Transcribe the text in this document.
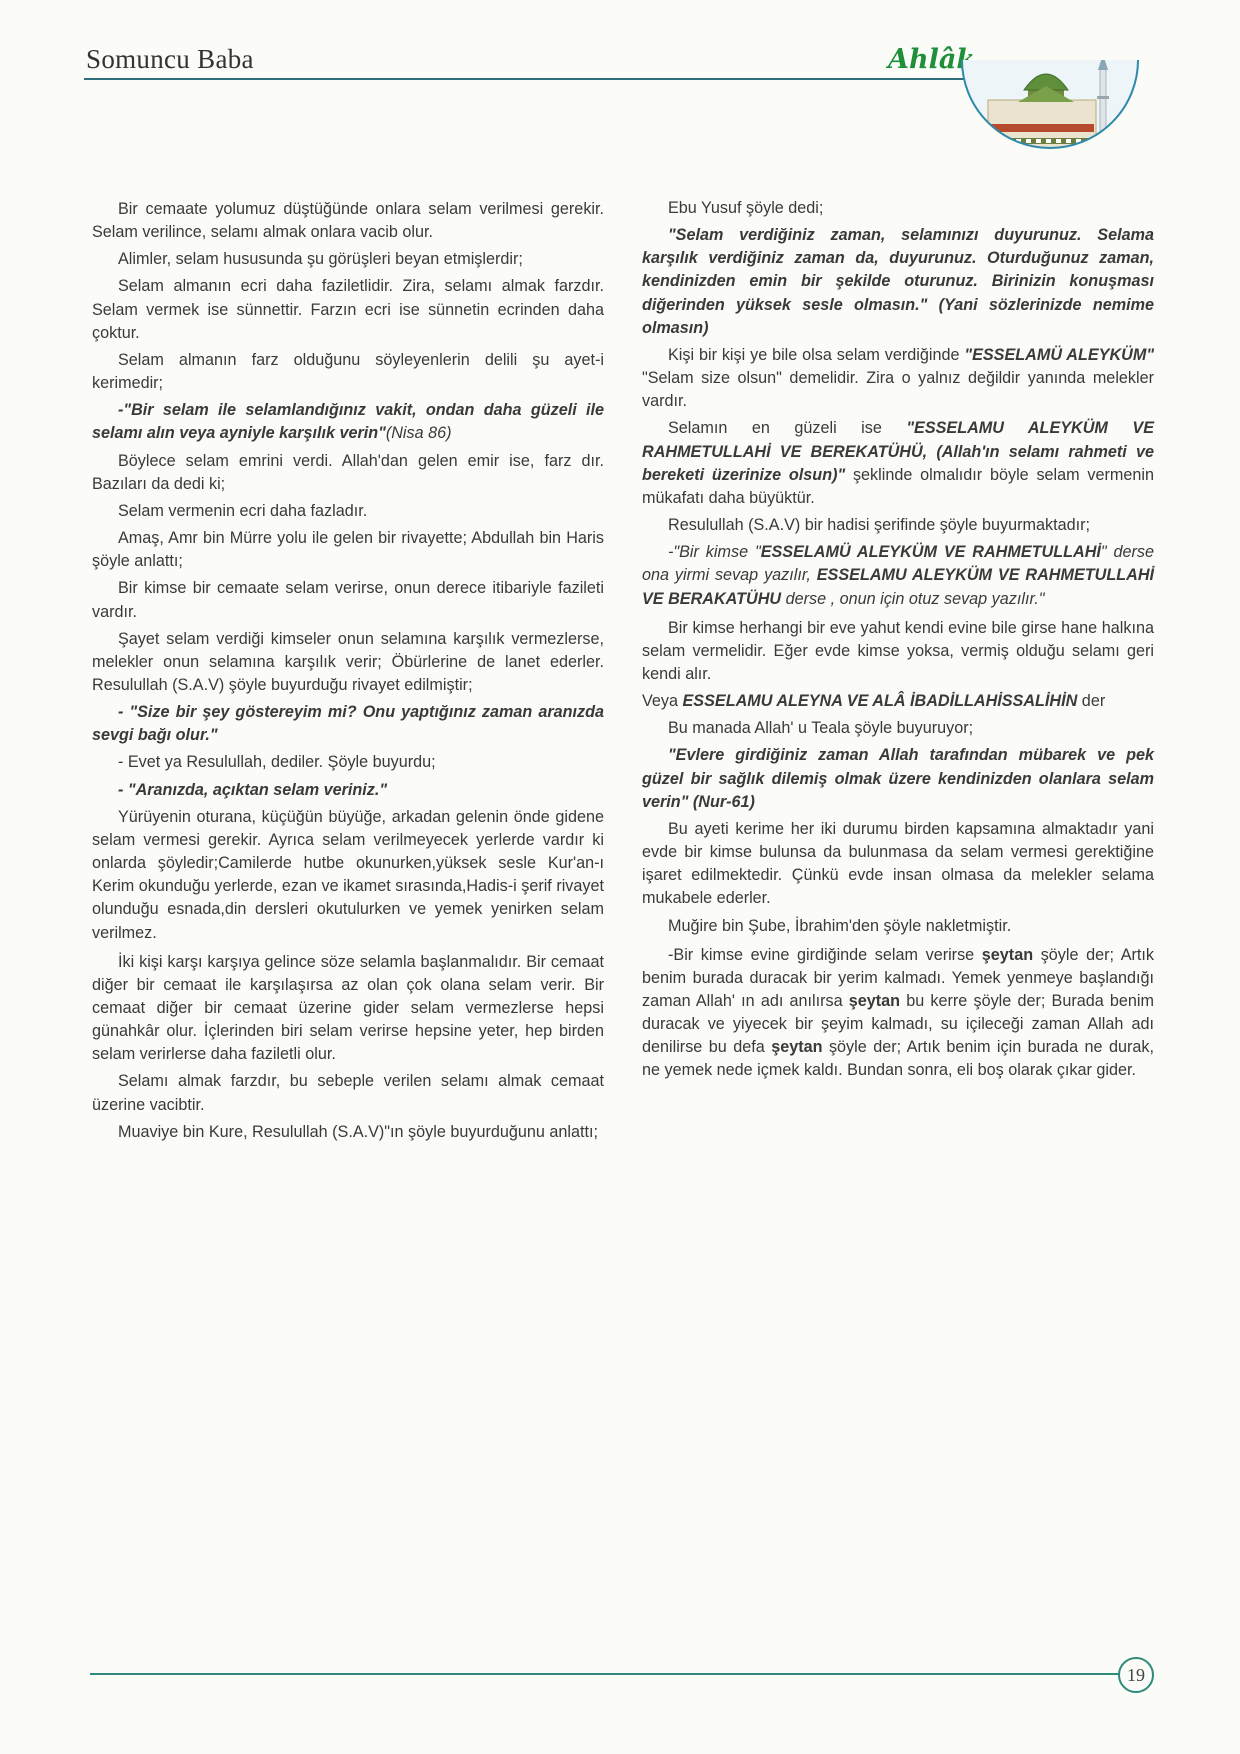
Somuncu Baba	Ahlâk

Bir cemaate yolumuz düştüğünde onlara selam verilmesi gerekir. Selam verilince, selamı almak onlara vacib olur.

Alimler, selam hususunda şu görüşleri beyan etmişlerdir;

Selam almanın ecri daha faziletlidir. Zira, selamı almak farzdır. Selam vermek ise sünnettir. Farzın ecri ise sünnetin ecrinden daha çoktur.

Selam almanın farz olduğunu söyleyenlerin delili şu ayet-i kerimedir;

-"Bir selam ile selamlandığınız vakit, ondan daha güzeli ile selamı alın veya ayniyle karşılık verin"(Nisa 86)

Böylece selam emrini verdi. Allah'dan gelen emir ise, farz dır. Bazıları da dedi ki;

Selam vermenin ecri daha fazladır.

Amaş, Amr bin Mürre yolu ile gelen bir rivayette; Abdullah bin Haris şöyle anlattı;

Bir kimse bir cemaate selam verirse, onun derece itibariyle fazileti vardır.

Şayet selam verdiği kimseler onun selamına karşılık vermezlerse, melekler onun selamına karşılık verir; Öbürlerine de lanet ederler. Resulullah (S.A.V) şöyle buyurduğu rivayet edilmiştir;

- "Size bir şey göstereyim mi? Onu yaptığınız zaman aranızda sevgi bağı olur."

- Evet ya Resulullah, dediler. Şöyle buyurdu;

- "Aranızda, açıktan selam veriniz."

Yürüyenin oturana, küçüğün büyüğe, arkadan gelenin önde gidene selam vermesi gerekir. Ayrıca selam verilmeyecek yerlerde vardır ki onlarda şöyledir;Camilerde hutbe okunurken,yüksek sesle Kur'an-ı Kerim okunduğu yerlerde, ezan ve ikamet sırasında,Hadis-i şerif rivayet olunduğu esnada,din dersleri okutulurken ve yemek yenirken selam verilmez.

İki kişi karşı karşıya gelince söze selamla başlanmalıdır. Bir cemaat diğer bir cemaat ile karşılaşırsa az olan çok olana selam verir. Bir cemaat diğer bir cemaat üzerine gider selam vermezlerse hepsi günahkâr olur. İçlerinden biri selam verirse hepsine yeter, hep birden selam verirlerse daha faziletli olur.

Selamı almak farzdır, bu sebeple verilen selamı almak cemaat üzerine vacibtir.

Muaviye bin Kure, Resulullah (S.A.V)"ın şöyle buyurduğunu anlattı;

Ebu Yusuf şöyle dedi;

"Selam verdiğiniz zaman, selamınızı duyurunuz. Selama karşılık verdiğiniz zaman da, duyurunuz. Oturduğunuz zaman, kendinizden emin bir şekilde oturunuz. Birinizin konuşması diğerinden yüksek sesle olmasın." (Yani sözlerinizde nemime olmasın)

Kişi bir kişi ye bile olsa selam verdiğinde "ESSELAMÜ ALEYKÜM" "Selam size olsun" demelidir. Zira o yalnız değildir yanında melekler vardır.

Selamın en güzeli ise "ESSELAMU ALEYKÜM VE RAHMETULLAHİ VE BEREKATÜHÜ, (Allah'ın selamı rahmeti ve bereketi üzerinize olsun)" şeklinde olmalıdır böyle selam vermenin mükafatı daha büyüktür.

Resulullah (S.A.V) bir hadisi şerifinde şöyle buyurmaktadır;

-"Bir kimse "ESSELAMÜ ALEYKÜM VE RAHMETULLAHİ" derse ona yirmi sevap yazılır, ESSELAMU ALEYKÜM VE RAHMETULLAHİ VE BERAKATÜHU derse , onun için otuz sevap yazılır."

Bir kimse herhangi bir eve yahut kendi evine bile girse hane halkına selam vermelidir. Eğer evde kimse yoksa, vermiş olduğu selamı geri kendi alır.

Veya ESSELAMU ALEYNA VE ALÂ İBADİLLAHİSSALİHİN der

Bu manada Allah' u Teala şöyle buyuruyor;

"Evlere girdiğiniz zaman Allah tarafından mübarek ve pek güzel bir sağlık dilemiş olmak üzere kendinizden olanlara selam verin" (Nur-61)

Bu ayeti kerime her iki durumu birden kapsamına almaktadır yani evde bir kimse bulunsa da bulunmasa da selam vermesi gerektiğine işaret edilmektedir. Çünkü evde insan olmasa da melekler selama mukabele ederler.

Muğire bin Şube, İbrahim'den şöyle nakletmiştir.

-Bir kimse evine girdiğinde selam verirse şeytan şöyle der; Artık benim burada duracak bir yerim kalmadı. Yemek yenmeye başlandığı zaman Allah' ın adı anılırsa şeytan bu kerre şöyle der; Burada benim duracak ve yiyecek bir şeyim kalmadı, su içileceği zaman Allah adı denilirse bu defa şeytan şöyle der; Artık benim için burada ne durak, ne yemek nede içmek kaldı. Bundan sonra, eli boş olarak çıkar gider.

19
